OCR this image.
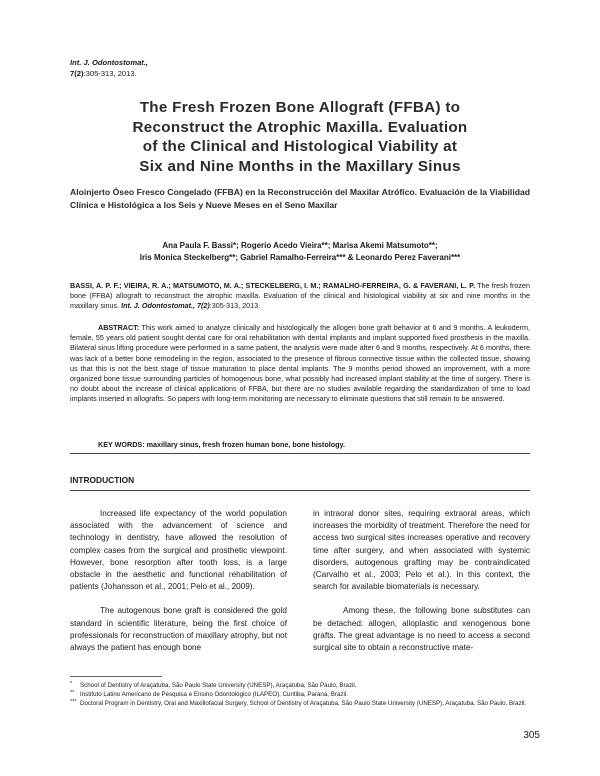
Int. J. Odontostomat.,
7(2):305-313, 2013.
The Fresh Frozen Bone Allograft (FFBA) to
Reconstruct the Atrophic Maxilla. Evaluation
of the Clinical and Histological Viability at
Six and Nine Months in the Maxillary Sinus
Aloinjerto Óseo Fresco Congelado (FFBA) en la Reconstrucción del Maxilar Atrófico. Evaluación de la Viabilidad Clínica e Histológica a los Seis y Nueve Meses en el Seno Maxilar
Ana Paula F. Bassi*; Rogerio Acedo Vieira**; Marisa Akemi Matsumoto**;
Iris Monica Steckelberg**; Gabriel Ramalho-Ferreira*** & Leonardo Perez Faverani***
BASSI, A. P. F.; VIEIRA, R. A.; MATSUMOTO, M. A.; STECKELBERG, I. M.; RAMALHO-FERREIRA, G. & FAVERANI, L. P. The fresh frozen bone (FFBA) allograft to reconstruct the atrophic maxilla. Evaluation of the clinical and histological viability at six and nine months in the maxillary sinus. Int. J. Odontostomat., 7(2):305-313, 2013.
ABSTRACT: This work aimed to analyze clinically and histologically the allogen bone graft behavior at 6 and 9 months. A leukoderm, female, 55 years old patient sought dental care for oral rehabilitation with dental implants and implant supported fixed prosthesis in the maxilla. Bilateral sinus lifting procedure were performed in a same patient, the analysis were made after 6 and 9 months, respectively. At 6 months, there was lack of a better bone remodeling in the region, associated to the presence of fibrous connective tissue within the collected tissue, showing us that this is not the best stage of tissue maturation to place dental implants. The 9 months period showed an improvement, with a more organized bone tissue surrounding particles of homogenous bone, what possibly had increased implant stability at the time of surgery. There is no doubt about the increase of clinical applications of FFBA, but there are no studies available regarding the standardization of time to load implants inserted in allografts. So papers with long-term monitoring are necessary to eliminate questions that still remain to be answered.
KEY WORDS: maxillary sinus, fresh frozen human bone, bone histology.
INTRODUCTION

Increased life expectancy of the world population associated with the advancement of science and technology in dentistry, have allowed the resolution of complex cases from the surgical and prosthetic viewpoint. However, bone resorption after tooth loss, is a large obstacle in the aesthetic and functional rehabilitation of patients (Johansson et al., 2001; Pelo et al., 2009).

The autogenous bone graft is considered the gold standard in scientific literature, being the first choice of professionals for reconstruction of maxillary atrophy, but not always the patient has enough bone

in intraoral donor sites, requiring extraoral areas, which increases the morbidity of treatment. Therefore the need for access two surgical sites increases operative and recovery time after surgery, and when associated with systemic disorders, autogenous grafting may be contraindicated (Carvalho et al., 2003; Pelo et al.). In this context, the search for available biomaterials is necessary.

Among these, the following bone substitutes can be detached: allogen, alloplastic and xenogenous bone grafts. The great advantage is no need to access a second surgical site to obtain a reconstructive mate-

* School of Dentistry of Araçatuba, São Paulo State University (UNESP), Araçatuba, São Paulo, Brazil.
** Instituto Latino Americano de Pesquisa e Ensino Odontológico (ILAPEO), Curitiba, Paraná, Brazil.
*** Doctoral Program in Dentistry, Oral and Maxillofacial Surgery, School of Dentistry of Araçatuba, São Paulo State University (UNESP), Araçatuba, São Paulo, Brazil.
305
